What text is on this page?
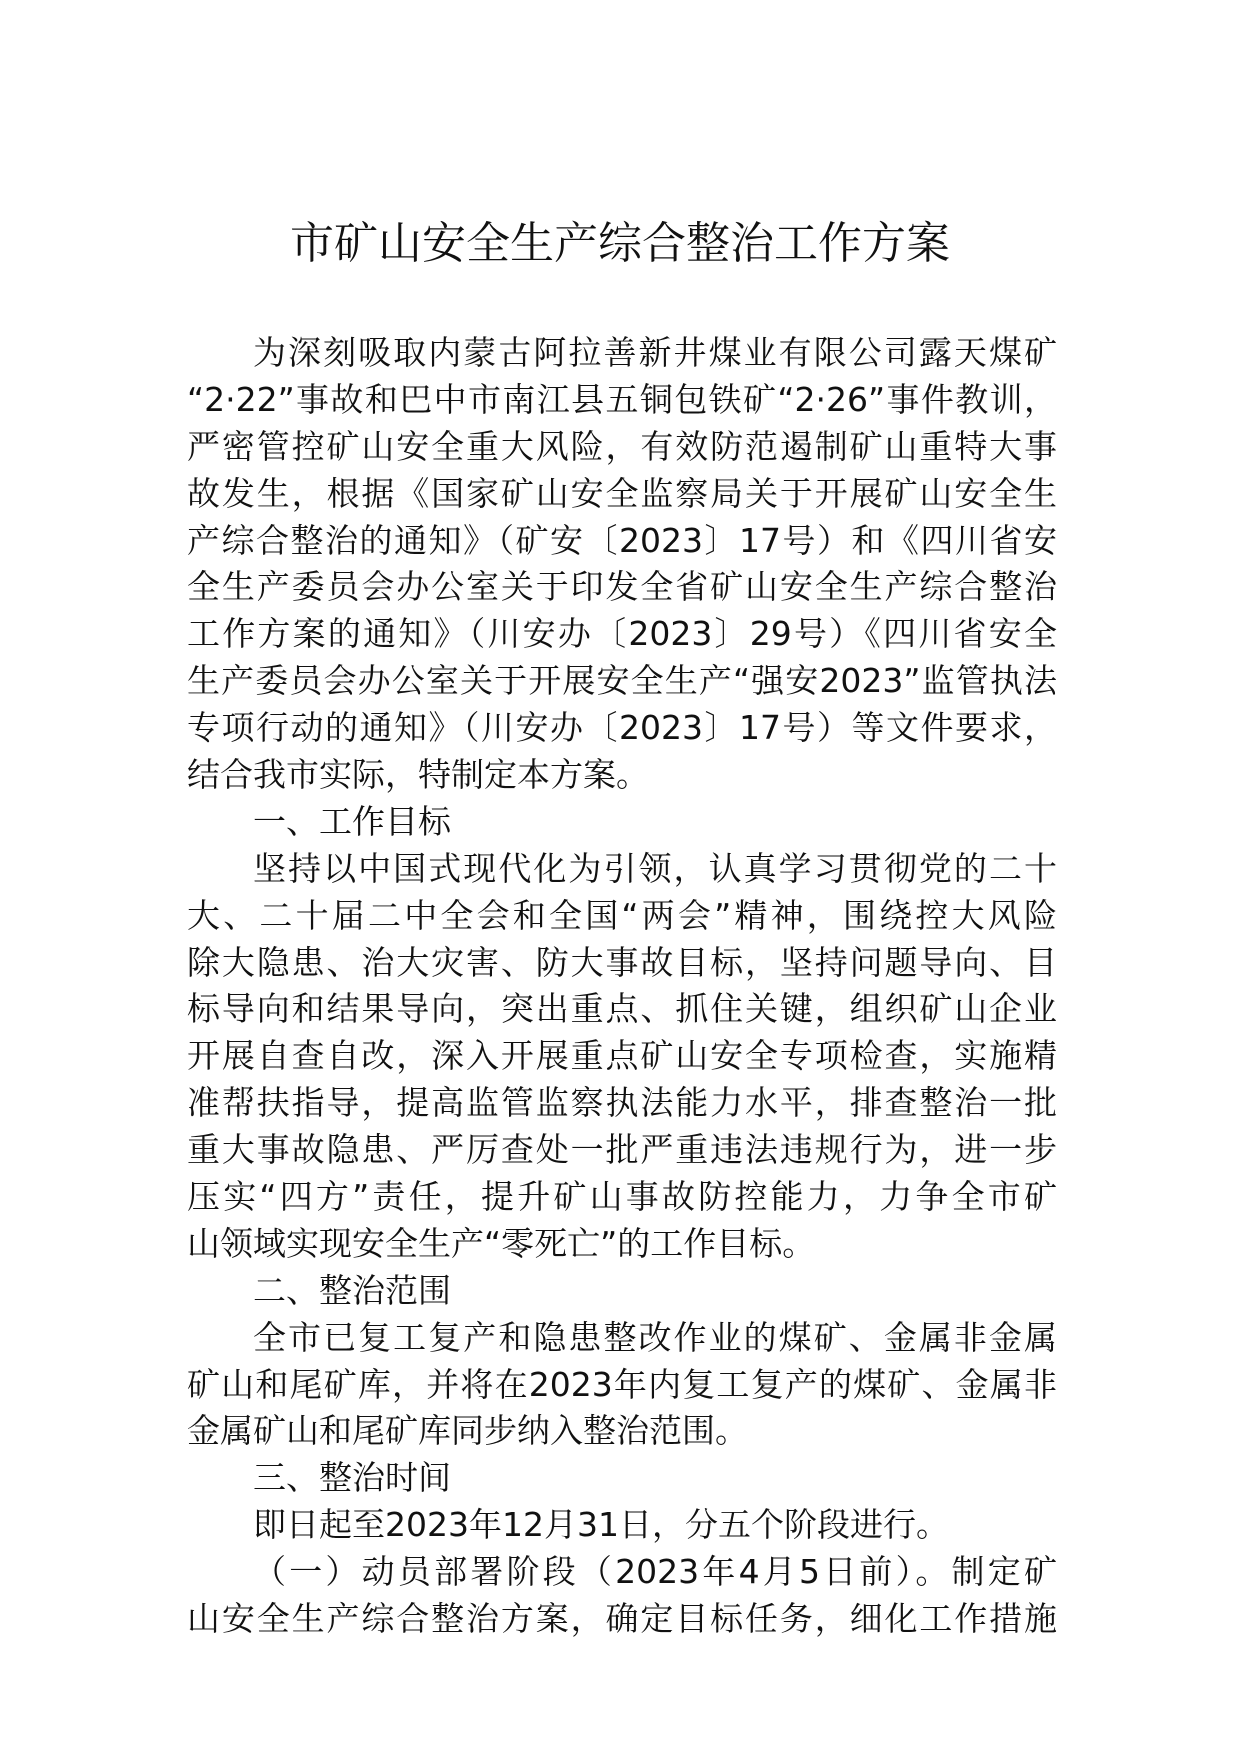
市矿山安全生产综合整治工作方案
为深刻吸取内蒙古阿拉善新井煤业有限公司露天煤矿
“2·22”事故和巴中市南江县五铜包铁矿“2·26”事件教训，
严密管控矿山安全重大风险，有效防范遏制矿山重特大事
故发生，根据《国家矿山安全监察局关于开展矿山安全生
产综合整治的通知》（矿安〔2023〕17号）和《四川省安
全生产委员会办公室关于印发全省矿山安全生产综合整治
工作方案的通知》（川安办〔2023〕29号）《四川省安全
生产委员会办公室关于开展安全生产“强安2023”监管执法
专项行动的通知》（川安办〔2023〕17号）等文件要求，
结合我市实际，特制定本方案。
一、工作目标
坚持以中国式现代化为引领，认真学习贯彻党的二十
大、二十届二中全会和全国“两会”精神，围绕控大风险
除大隐患、治大灾害、防大事故目标，坚持问题导向、目
标导向和结果导向，突出重点、抓住关键，组织矿山企业
开展自查自改，深入开展重点矿山安全专项检查，实施精
准帮扶指导，提高监管监察执法能力水平，排查整治一批
重大事故隐患、严厉查处一批严重违法违规行为，进一步
压实“四方”责任，提升矿山事故防控能力，力争全市矿
山领域实现安全生产“零死亡”的工作目标。
二、整治范围
全市已复工复产和隐患整改作业的煤矿、金属非金属
矿山和尾矿库，并将在2023年内复工复产的煤矿、金属非
金属矿山和尾矿库同步纳入整治范围。
三、整治时间
即日起至2023年12月31日，分五个阶段进行。
（一）动员部署阶段（2023年4月5日前）。制定矿
山安全生产综合整治方案，确定目标任务，细化工作措施
